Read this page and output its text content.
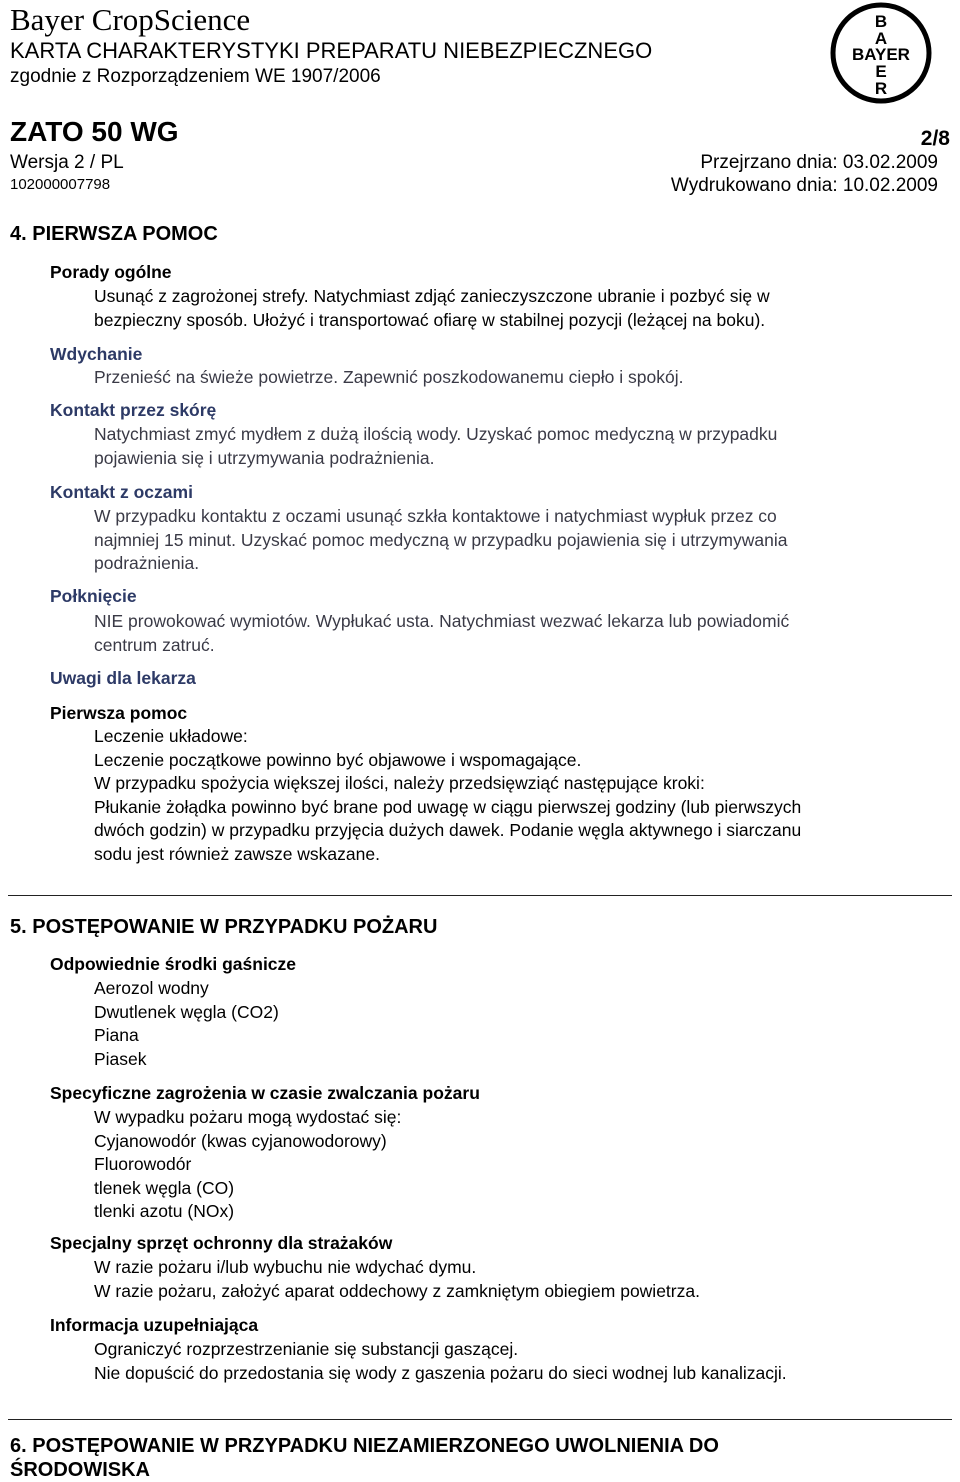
Bayer CropScience
KARTA CHARAKTERYSTYKI PREPARATU NIEBEZPIECZNEGO
zgodnie z Rozporządzeniem WE 1907/2006
B
A
BAYER
E
R
ZATO 50 WG	2/8
Wersja 2 / PL	Przejrzano dnia: 03.02.2009
102000007798	Wydrukowano dnia: 10.02.2009
4. PIERWSZA POMOC
Porady ogólne
Usunąć z zagrożonej strefy. Natychmiast zdjąć zanieczyszczone ubranie i pozbyć się w
bezpieczny sposób. Ułożyć i transportować ofiarę w stabilnej pozycji (leżącej na boku).
Wdychanie
Przenieść na świeże powietrze. Zapewnić poszkodowanemu ciepło i spokój.
Kontakt przez skórę
Natychmiast zmyć mydłem z dużą ilością wody. Uzyskać pomoc medyczną w przypadku
pojawienia się i utrzymywania podrażnienia.
Kontakt z oczami
W przypadku kontaktu z oczami usunąć szkła kontaktowe i natychmiast wypłuk przez co
najmniej 15 minut. Uzyskać pomoc medyczną w przypadku pojawienia się i utrzymywania
podrażnienia.
Połknięcie
NIE prowokować wymiotów. Wypłukać usta. Natychmiast wezwać lekarza lub powiadomić
centrum zatruć.
Uwagi dla lekarza
Pierwsza pomoc
Leczenie układowe:
Leczenie początkowe powinno być objawowe i wspomagające.
W przypadku spożycia większej ilości, należy przedsięwziąć następujące kroki:
Płukanie żołądka powinno być brane pod uwagę w ciągu pierwszej godziny (lub pierwszych
dwóch godzin) w przypadku przyjęcia dużych dawek. Podanie węgla aktywnego i siarczanu
sodu jest również zawsze wskazane.
5. POSTĘPOWANIE W PRZYPADKU POŻARU
Odpowiednie środki gaśnicze
Aerozol wodny
Dwutlenek węgla (CO2)
Piana
Piasek
Specyficzne zagrożenia w czasie zwalczania pożaru
W wypadku pożaru mogą wydostać się:
Cyjanowodór (kwas cyjanowodorowy)
Fluorowodór
tlenek węgla (CO)
tlenki azotu (NOx)
Specjalny sprzęt ochronny dla strażaków
W razie pożaru i/lub wybuchu nie wdychać dymu.
W razie pożaru, założyć aparat oddechowy z zamkniętym obiegiem powietrza.
Informacja uzupełniająca
Ograniczyć rozprzestrzenianie się substancji gaszącej.
Nie dopuścić do przedostania się wody z gaszenia pożaru do sieci wodnej lub kanalizacji.
6. POSTĘPOWANIE W PRZYPADKU NIEZAMIERZONEGO UWOLNIENIA DO
ŚRODOWISKA
